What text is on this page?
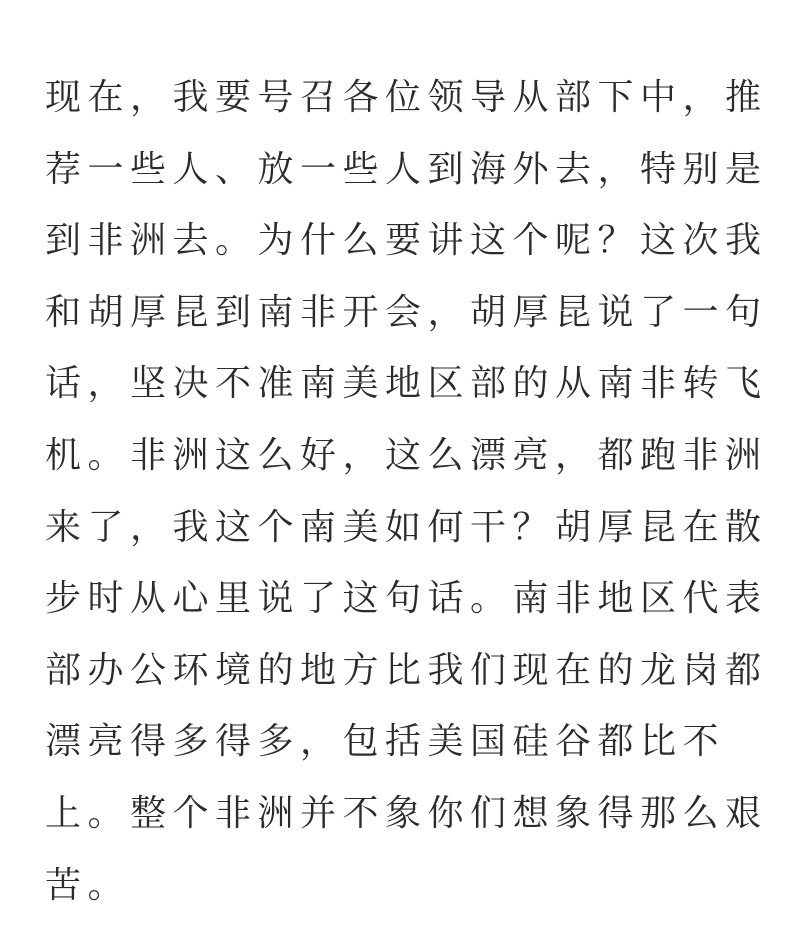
现在，我要号召各位领导从部下中，推
荐一些人、放一些人到海外去，特别是
到非洲去。为什么要讲这个呢？这次我
和胡厚昆到南非开会，胡厚昆说了一句
话，坚决不准南美地区部的从南非转飞
机。非洲这么好，这么漂亮，都跑非洲
来了，我这个南美如何干？胡厚昆在散
步时从心里说了这句话。南非地区代表
部办公环境的地方比我们现在的龙岗都
漂亮得多得多，包括美国硅谷都比不
上。整个非洲并不象你们想象得那么艰
苦。
